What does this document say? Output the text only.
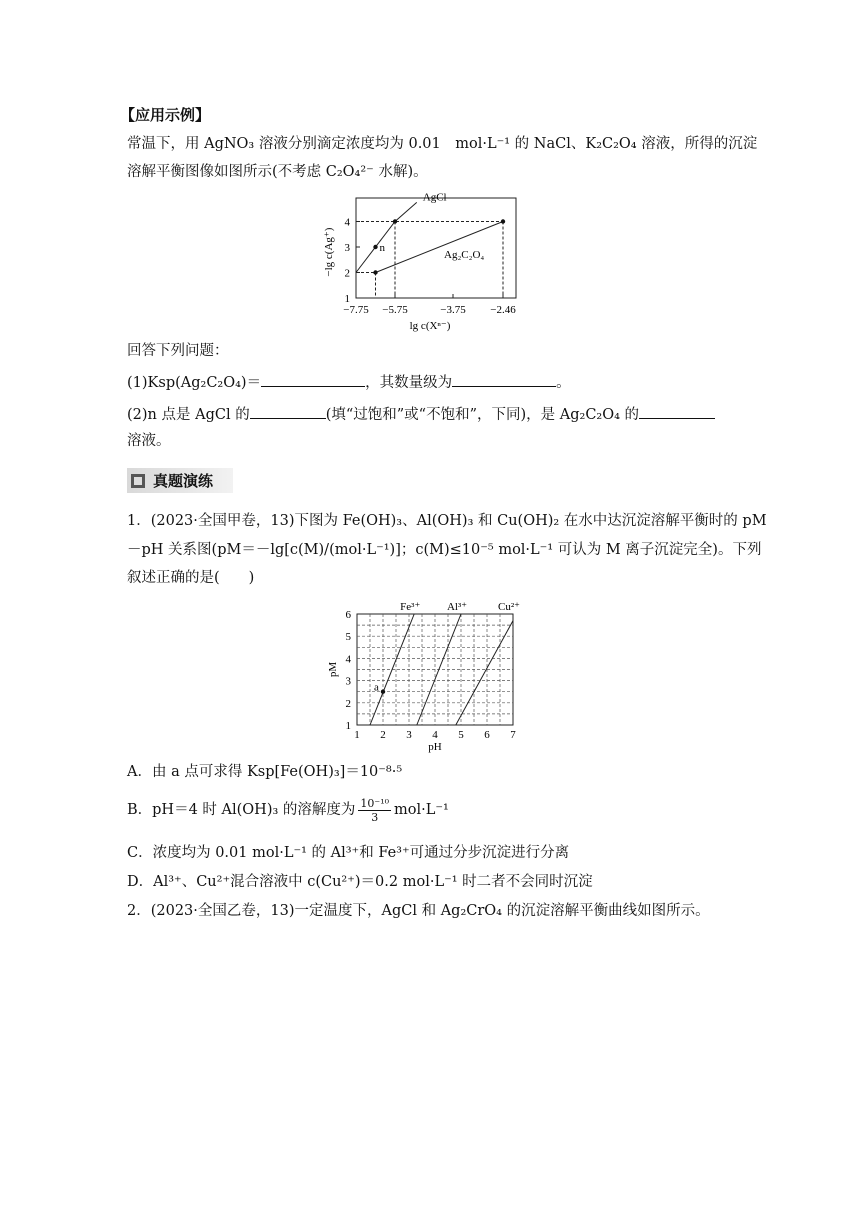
【应用示例】
常温下，用 AgNO₃ 溶液分别滴定浓度均为 0.01　mol·L⁻¹ 的 NaCl、K₂C₂O₄ 溶液，所得的沉淀
溶解平衡图像如图所示(不考虑 C₂O₄²⁻ 水解)。
1
2
3
4
−7.75 −5.75	−3.75 −2.46
lg c(Xⁿ⁻)
−lg c(Ag⁺)
AgCl
Ag₂C₂O₄
n
回答下列问题：
(1)Ksp(Ag₂C₂O₄)＝	，其数量级为	。
(2)n 点是 AgCl 的	(填“过饱和”或“不饱和”，下同)，是 Ag₂C₂O₄ 的
溶液。
真题演练
1．(2023·全国甲卷，13)下图为 Fe(OH)₃、Al(OH)₃ 和 Cu(OH)₂ 在水中达沉淀溶解平衡时的 pM
－pH 关系图(pM＝－lg[c(M)/(mol·L⁻¹)]；c(M)≤10⁻⁵ mol·L⁻¹ 可认为 M 离子沉淀完全)。下列
叙述正确的是(　　)
1
2
3
4
5
6
1 2 3 4 5 6 7
pH
pM
Fe³⁺ Al³⁺	Cu²⁺
a
A．由 a 点可求得 Ksp[Fe(OH)₃]＝10⁻⁸·⁵
B．pH＝4 时 Al(OH)₃ 的溶解度为 $\frac{\text{10⁻¹⁰}}{3} mol\cdot L^{-1}$
C．浓度均为 0.01 mol·L⁻¹ 的 Al³⁺和 Fe³⁺可通过分步沉淀进行分离
D．Al³⁺、Cu²⁺混合溶液中 c(Cu²⁺)＝0.2 mol·L⁻¹ 时二者不会同时沉淀
2．(2023·全国乙卷，13)一定温度下，AgCl 和 Ag₂CrO₄ 的沉淀溶解平衡曲线如图所示。
